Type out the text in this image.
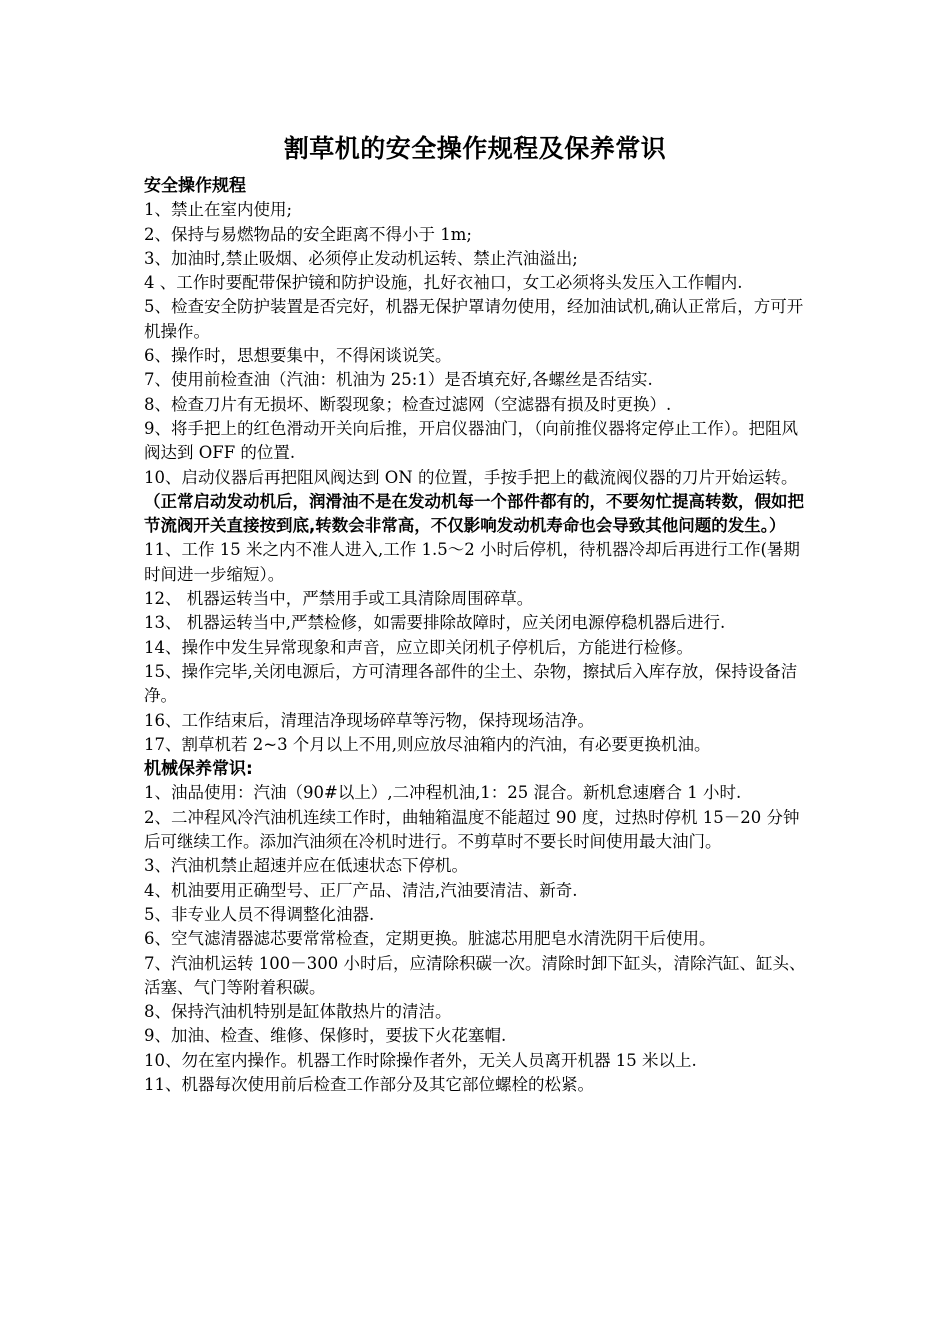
割草机的安全操作规程及保养常识

安全操作规程

1、禁止在室内使用;

2、保持与易燃物品的安全距离不得小于 1m;

3、加油时,禁止吸烟、必须停止发动机运转、禁止汽油溢出;

4 、工作时要配带保护镜和防护设施，扎好衣袖口，女工必须将头发压入工作帽内.

5、检查安全防护装置是否完好，机器无保护罩请勿使用，经加油试机,确认正常后，方可开机操作。

6、操作时，思想要集中，不得闲谈说笑。

7、使用前检查油（汽油：机油为 25:1）是否填充好,各螺丝是否结实.

8、检查刀片有无损坏、断裂现象；检查过滤网（空滤器有损及时更换）.

9、将手把上的红色滑动开关向后推，开启仪器油门，（向前推仪器将定停止工作）。把阻风阀达到 OFF 的位置.

10、启动仪器后再把阻风阀达到 ON 的位置，手按手把上的截流阀仪器的刀片开始运转。（正常启动发动机后，润滑油不是在发动机每一个部件都有的，不要匆忙提高转数，假如把节流阀开关直接按到底,转数会非常高，不仅影响发动机寿命也会导致其他问题的发生。）

11、工作 15 米之内不准人进入,工作 1.5～2 小时后停机，待机器冷却后再进行工作(暑期时间进一步缩短）。

12、 机器运转当中，严禁用手或工具清除周围碎草。

13、 机器运转当中,严禁检修，如需要排除故障时，应关闭电源停稳机器后进行.

14、操作中发生异常现象和声音，应立即关闭机子停机后，方能进行检修。

15、操作完毕,关闭电源后，方可清理各部件的尘土、杂物，擦拭后入库存放，保持设备洁净。

16、工作结束后，清理洁净现场碎草等污物，保持现场洁净。

17、割草机若 2~3 个月以上不用,则应放尽油箱内的汽油，有必要更换机油。

机械保养常识:

1、油品使用：汽油（90#以上）,二冲程机油,1：25 混合。新机怠速磨合 1 小时.

2、二冲程风冷汽油机连续工作时，曲轴箱温度不能超过 90 度，过热时停机 15－20 分钟后可继续工作。添加汽油须在冷机时进行。不剪草时不要长时间使用最大油门。

3、汽油机禁止超速并应在低速状态下停机。

4、机油要用正确型号、正厂产品、清洁,汽油要清洁、新奇.

5、非专业人员不得调整化油器.

6、空气滤清器滤芯要常常检查，定期更换。脏滤芯用肥皂水清洗阴干后使用。

7、汽油机运转 100－300 小时后，应清除积碳一次。清除时卸下缸头，清除汽缸、缸头、活塞、气门等附着积碳。

8、保持汽油机特别是缸体散热片的清洁。

9、加油、检查、维修、保修时，要拔下火花塞帽.

10、勿在室内操作。机器工作时除操作者外，无关人员离开机器 15 米以上.

11、机器每次使用前后检查工作部分及其它部位螺栓的松紧。
